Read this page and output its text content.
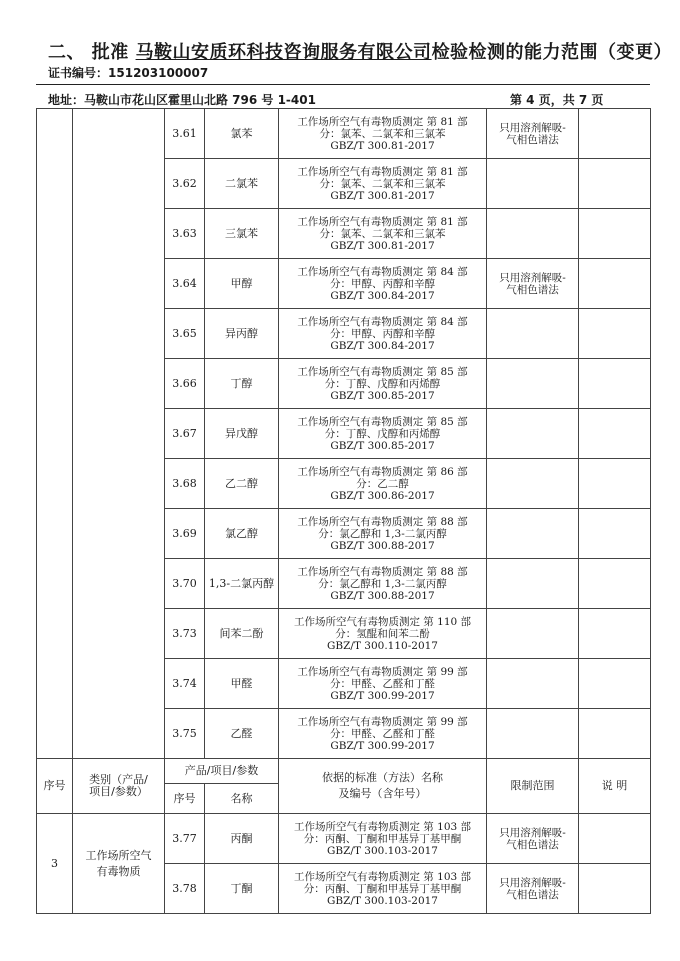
二、 批准 马鞍山安质环科技咨询服务有限公司检验检测的能力范围（变更）
证书编号：151203100007
地址：马鞍山市花山区霍里山北路 796 号 1-401	第 4 页，共 7 页
		3.61	氯苯	工作场所空气有毒物质测定 第 81 部
分：氯苯、二氯苯和三氯苯
GBZ/T 300.81-2017	只用溶剂解吸-
气相色谱法	

		3.62	二氯苯	工作场所空气有毒物质测定 第 81 部
分：氯苯、二氯苯和三氯苯
GBZ/T 300.81-2017		

		3.63	三氯苯	工作场所空气有毒物质测定 第 81 部
分：氯苯、二氯苯和三氯苯
GBZ/T 300.81-2017		

		3.64	甲醇	工作场所空气有毒物质测定 第 84 部
分：甲醇、丙醇和辛醇
GBZ/T 300.84-2017	只用溶剂解吸-
气相色谱法	

		3.65	异丙醇	工作场所空气有毒物质测定 第 84 部
分：甲醇、丙醇和辛醇
GBZ/T 300.84-2017		

		3.66	丁醇	工作场所空气有毒物质测定 第 85 部
分：丁醇、戊醇和丙烯醇
GBZ/T 300.85-2017		

		3.67	异戊醇	工作场所空气有毒物质测定 第 85 部
分：丁醇、戊醇和丙烯醇
GBZ/T 300.85-2017		

		3.68	乙二醇	工作场所空气有毒物质测定 第 86 部
分：乙二醇
GBZ/T 300.86-2017		

		3.69	氯乙醇	工作场所空气有毒物质测定 第 88 部
分：氯乙醇和 1,3-二氯丙醇
GBZ/T 300.88-2017		

		3.70	1,3-二氯丙醇	工作场所空气有毒物质测定 第 88 部
分：氯乙醇和 1,3-二氯丙醇
GBZ/T 300.88-2017		

		3.73	间苯二酚	工作场所空气有毒物质测定 第 110 部
分：氢醌和间苯二酚
GBZ/T 300.110-2017		

		3.74	甲醛	工作场所空气有毒物质测定 第 99 部
分：甲醛、乙醛和丁醛
GBZ/T 300.99-2017		

		3.75	乙醛	工作场所空气有毒物质测定 第 99 部
分：甲醛、乙醛和丁醛
GBZ/T 300.99-2017		

序号	类别（产品/
项目/参数）	产品/项目/参数		依据的标准（方法）名称
及编号（含年号）	限制范围	说 明
		序号	名称			
3	工作场所空气
有毒物质	3.77	丙酮	工作场所空气有毒物质测定 第 103 部
分：丙酮、丁酮和甲基异丁基甲酮
GBZ/T 300.103-2017	只用溶剂解吸-
气相色谱法	

		3.78	丁酮	工作场所空气有毒物质测定 第 103 部
分：丙酮、丁酮和甲基异丁基甲酮
GBZ/T 300.103-2017	只用溶剂解吸-
气相色谱法	
